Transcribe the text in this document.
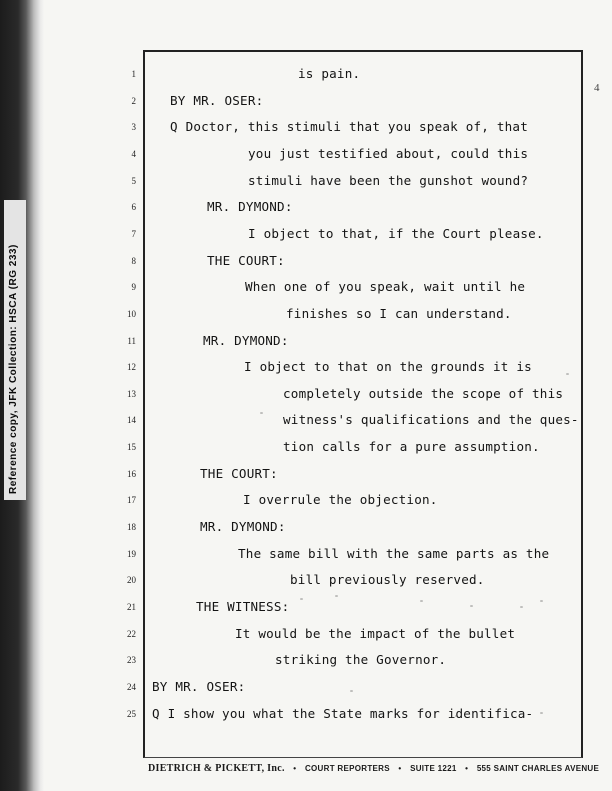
Reference copy, JFK Collection: HSCA (RG 233)
4
1	is pain.
2	BY MR. OSER:
3	Q Doctor, this stimuli that you speak of, that
4	you just testified about, could this
5	stimuli have been the gunshot wound?
6	MR. DYMOND:
7	I object to that, if the Court please.
8	THE COURT:
9	When one of you speak, wait until he
10	finishes so I can understand.
11	MR. DYMOND:
12	I object to that on the grounds it is
13	completely outside the scope of this
14	witness's qualifications and the ques-
15	tion calls for a pure assumption.
16	THE COURT:
17	I overrule the objection.
18	MR. DYMOND:
19	The same bill with the same parts as the
20	bill previously reserved.
21	THE WITNESS:
22	It would be the impact of the bullet
23	striking the Governor.
24 BY MR. OSER:
25 Q I show you what the State marks for identifica-
DIETRICH & PICKETT, Inc. • COURT REPORTERS • SUITE 1221 • 555 SAINT CHARLES AVENUE
